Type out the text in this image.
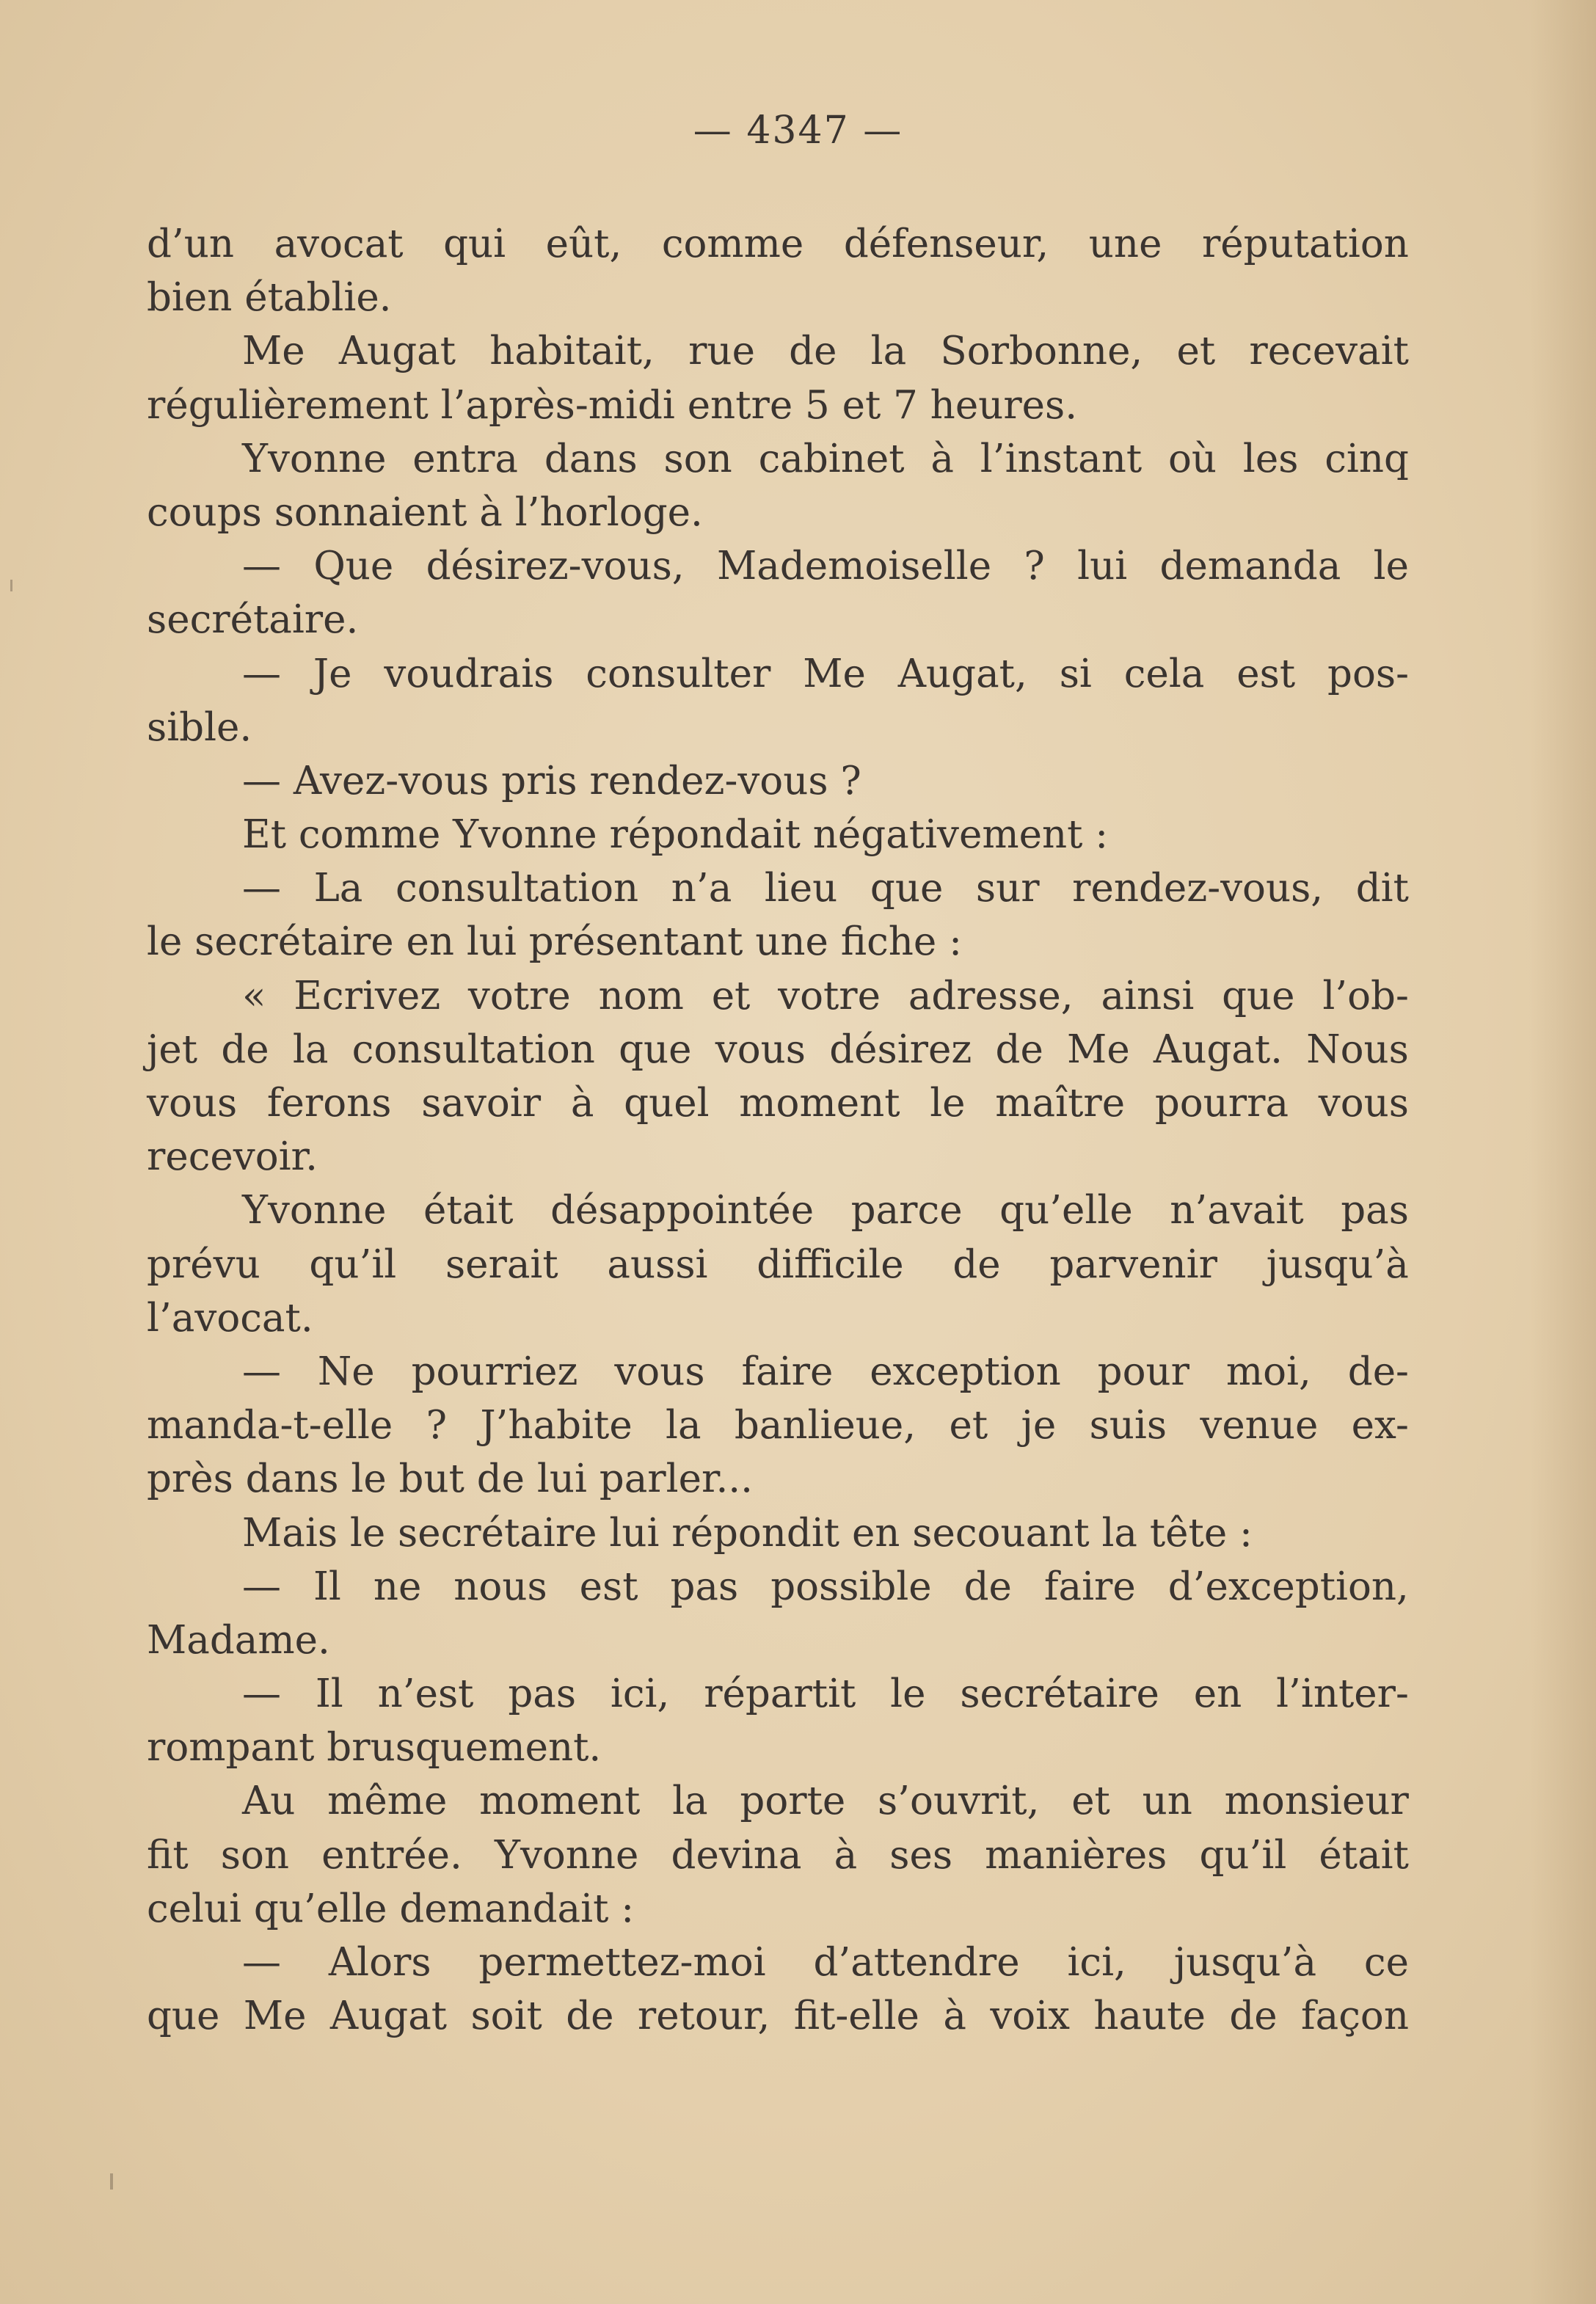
— 4347 —
d’un avocat qui eût, comme défenseur, une réputation
bien établie.
Me Augat habitait, rue de la Sorbonne, et recevait
régulièrement l’après-midi entre 5 et 7 heures.
Yvonne entra dans son cabinet à l’instant où les cinq
coups sonnaient à l’horloge.
— Que désirez-vous, Mademoiselle ? lui demanda le
secrétaire.
— Je voudrais consulter Me Augat, si cela est pos-
sible.
— Avez-vous pris rendez-vous ?
Et comme Yvonne répondait négativement :
— La consultation n’a lieu que sur rendez-vous, dit
le secrétaire en lui présentant une fiche :
« Ecrivez votre nom et votre adresse, ainsi que l’ob-
jet de la consultation que vous désirez de Me Augat. Nous
vous ferons savoir à quel moment le maître pourra vous
recevoir.
Yvonne était désappointée parce qu’elle n’avait pas
prévu qu’il serait aussi difficile de parvenir jusqu’à
l’avocat.
— Ne pourriez vous faire exception pour moi, de-
manda-t-elle ? J’habite la banlieue, et je suis venue ex-
près dans le but de lui parler...
Mais le secrétaire lui répondit en secouant la tête :
— Il ne nous est pas possible de faire d’exception,
Madame.
— Il n’est pas ici, répartit le secrétaire en l’inter-
rompant brusquement.
Au même moment la porte s’ouvrit, et un monsieur
fit son entrée. Yvonne devina à ses manières qu’il était
celui qu’elle demandait :
— Alors permettez-moi d’attendre ici, jusqu’à ce
que Me Augat soit de retour, fit-elle à voix haute de façon
